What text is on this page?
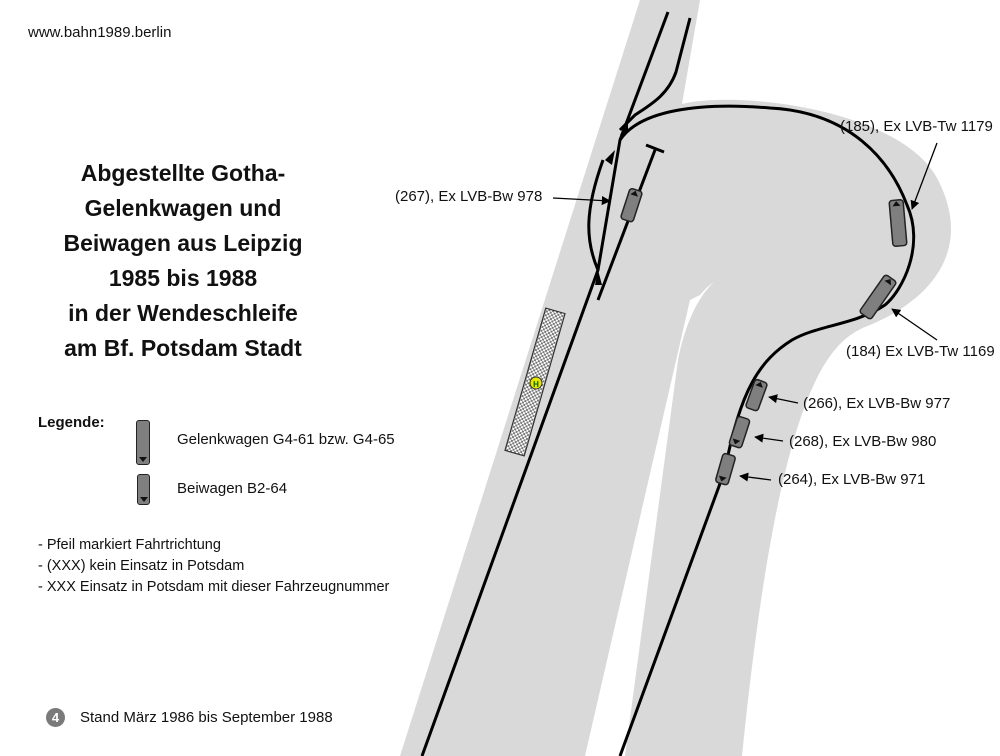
H
www.bahn1989.berlin
Abgestellte Gotha-
Gelenkwagen und
Beiwagen aus Leipzig
1985 bis 1988
in der Wendeschleife
am Bf. Potsdam Stadt
Legende:
Gelenkwagen G4-61 bzw. G4-65
Beiwagen B2-64
- Pfeil markiert Fahrtrichtung
- (XXX) kein Einsatz in Potsdam
- XXX Einsatz in Potsdam mit dieser Fahrzeugnummer
(267), Ex LVB-Bw 978
(185), Ex LVB-Tw 1179
(184) Ex LVB-Tw 1169
(266), Ex LVB-Bw 977
(268), Ex LVB-Bw 980
(264), Ex LVB-Bw 971
4	Stand März 1986 bis September 1988
